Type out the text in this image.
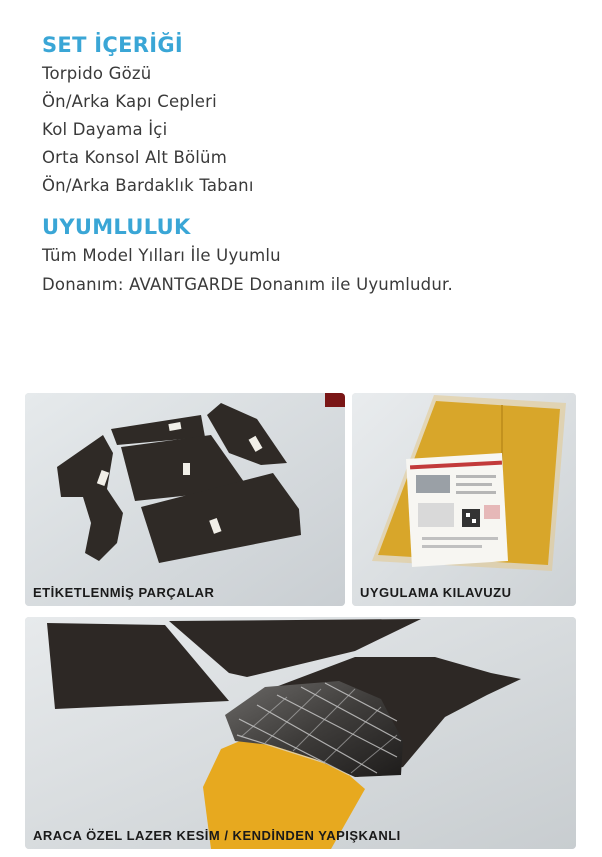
SET İÇERİĞİ

Torpido Gözü

Ön/Arka Kapı Cepleri

Kol Dayama İçi

Orta Konsol Alt Bölüm

Ön/Arka Bardaklık Tabanı

UYUMLULUK

Tüm Model Yılları İle Uyumlu

Donanım: AVANTGARDE Donanım ile Uyumludur.

ETİKETLENMİŞ PARÇALAR	UYGULAMA KILAVUZU
ARACA ÖZEL LAZER KESİM / KENDİNDEN YAPIŞKANLI
